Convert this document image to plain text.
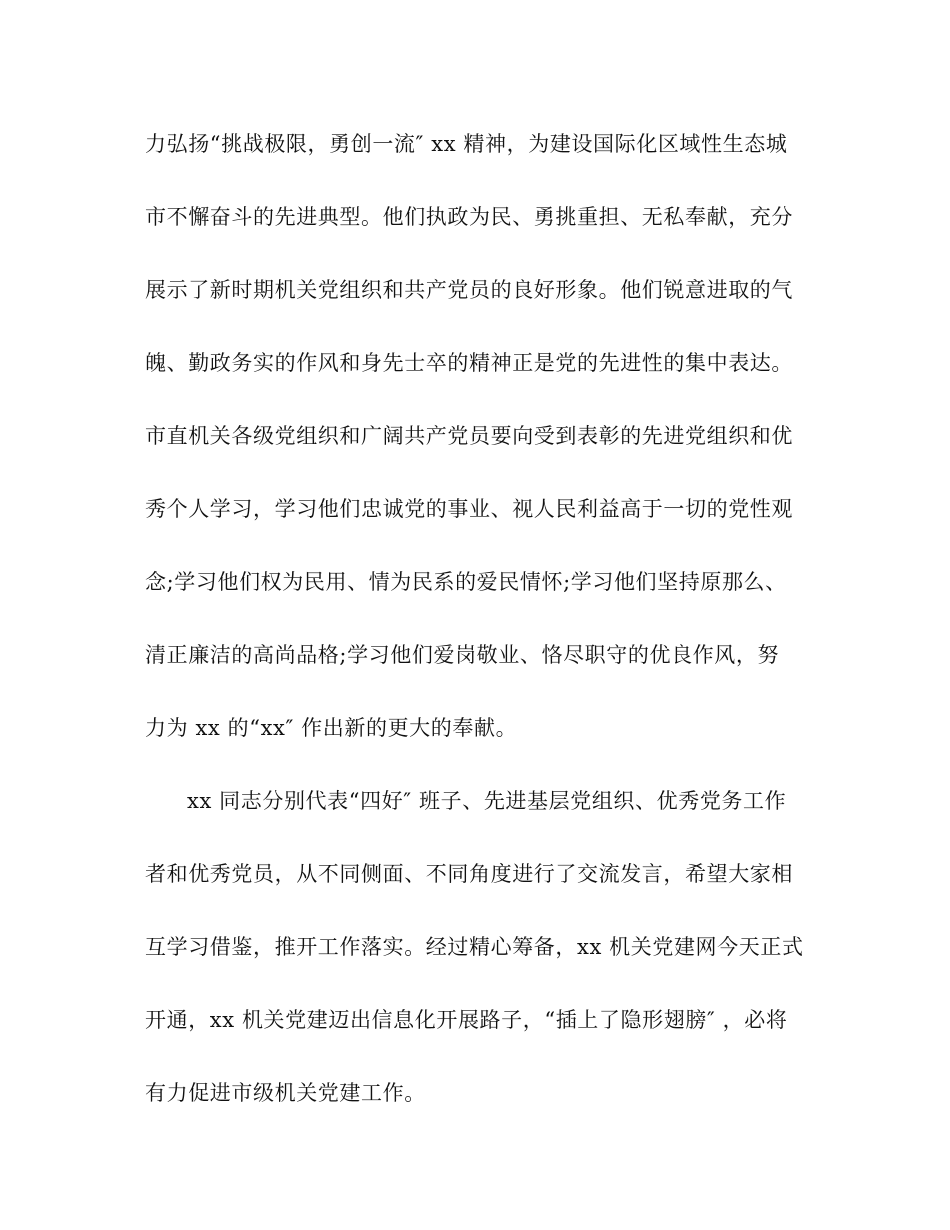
力弘扬“挑战极限，勇创一流″ xx 精神，为建设国际化区域性生态城
市不懈奋斗的先进典型。他们执政为民、勇挑重担、无私奉献，充分
展示了新时期机关党组织和共产党员的良好形象。他们锐意进取的气
魄、勤政务实的作风和身先士卒的精神正是党的先进性的集中表达。
市直机关各级党组织和广阔共产党员要向受到表彰的先进党组织和优
秀个人学习，学习他们忠诚党的事业、视人民利益高于一切的党性观
念;学习他们权为民用、情为民系的爱民情怀;学习他们坚持原那么、
清正廉洁的高尚品格;学习他们爱岗敬业、恪尽职守的优良作风，努
力为 xx 的“xx″ 作出新的更大的奉献。
xx 同志分别代表“四好″ 班子、先进基层党组织、优秀党务工作
者和优秀党员，从不同侧面、不同角度进行了交流发言，希望大家相
互学习借鉴，推开工作落实。经过精心筹备，xx 机关党建网今天正式
开通，xx 机关党建迈出信息化开展路子，“插上了隐形翅膀″ ，必将
有力促进市级机关党建工作。
